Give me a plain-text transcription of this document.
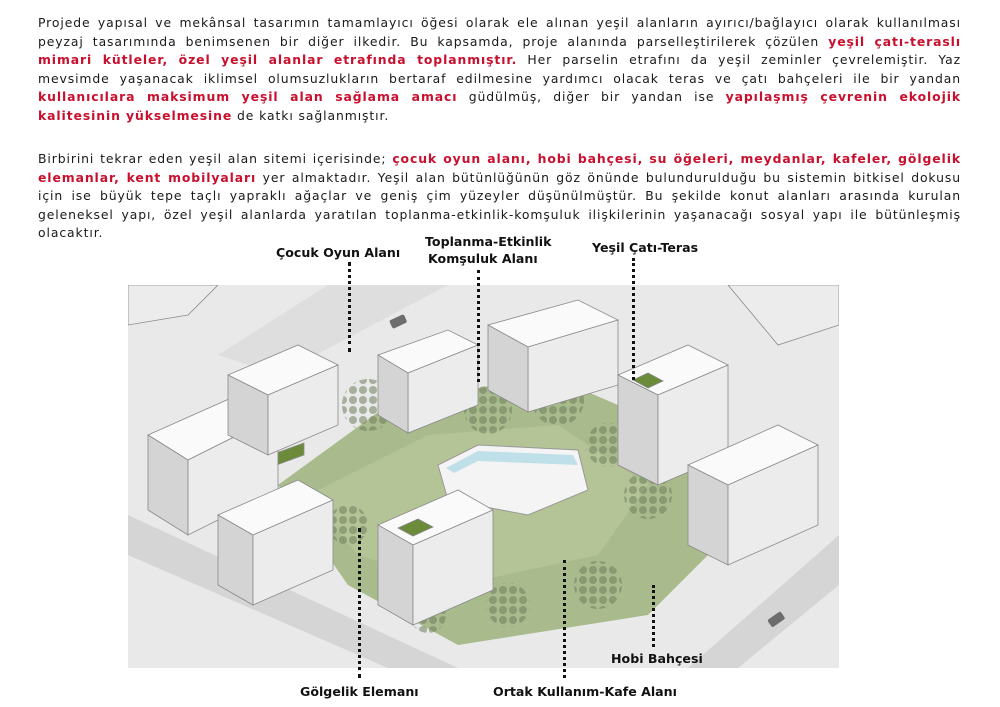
Projede yapısal ve mekânsal tasarımın tamamlayıcı öğesi olarak ele alınan yeşil alanların ayırıcı/bağlayıcı olarak kullanılması peyzaj tasarımında benimsenen bir diğer ilkedir. Bu kapsamda, proje alanında parselleştirilerek çözülen yeşil çatı-teraslı mimari kütleler, özel yeşil alanlar etrafında toplanmıştır. Her parselin etrafını da yeşil zeminler çevrelemiştir. Yaz mevsimde yaşanacak iklimsel olumsuzlukların bertaraf edilmesine yardımcı olacak teras ve çatı bahçeleri ile bir yandan kullanıcılara maksimum yeşil alan sağlama amacı güdülmüş, diğer bir yandan ise yapılaşmış çevrenin ekolojik kalitesinin yükselmesine de katkı sağlanmıştır.

Birbirini tekrar eden yeşil alan sitemi içerisinde; çocuk oyun alanı, hobi bahçesi, su öğeleri, meydanlar, kafeler, gölgelik elemanlar, kent mobilyaları yer almaktadır. Yeşil alan bütünlüğünün göz önünde bulundurulduğu bu sistemin bitkisel dokusu için ise büyük tepe taçlı yapraklı ağaçlar ve geniş çim yüzeyler düşünülmüştür. Bu şekilde konut alanları arasında kurulan geleneksel yapı, özel yeşil alanlarda yaratılan toplanma-etkinlik-komşuluk ilişkilerinin yaşanacağı sosyal yapı ile bütünleşmiş olacaktır.

Çocuk Oyun Alanı
Toplanma-Etkinlik
Komşuluk Alanı
Yeşil Çatı-Teras
Hobi Bahçesi
Gölgelik Elemanı	Ortak Kullanım-Kafe Alanı
